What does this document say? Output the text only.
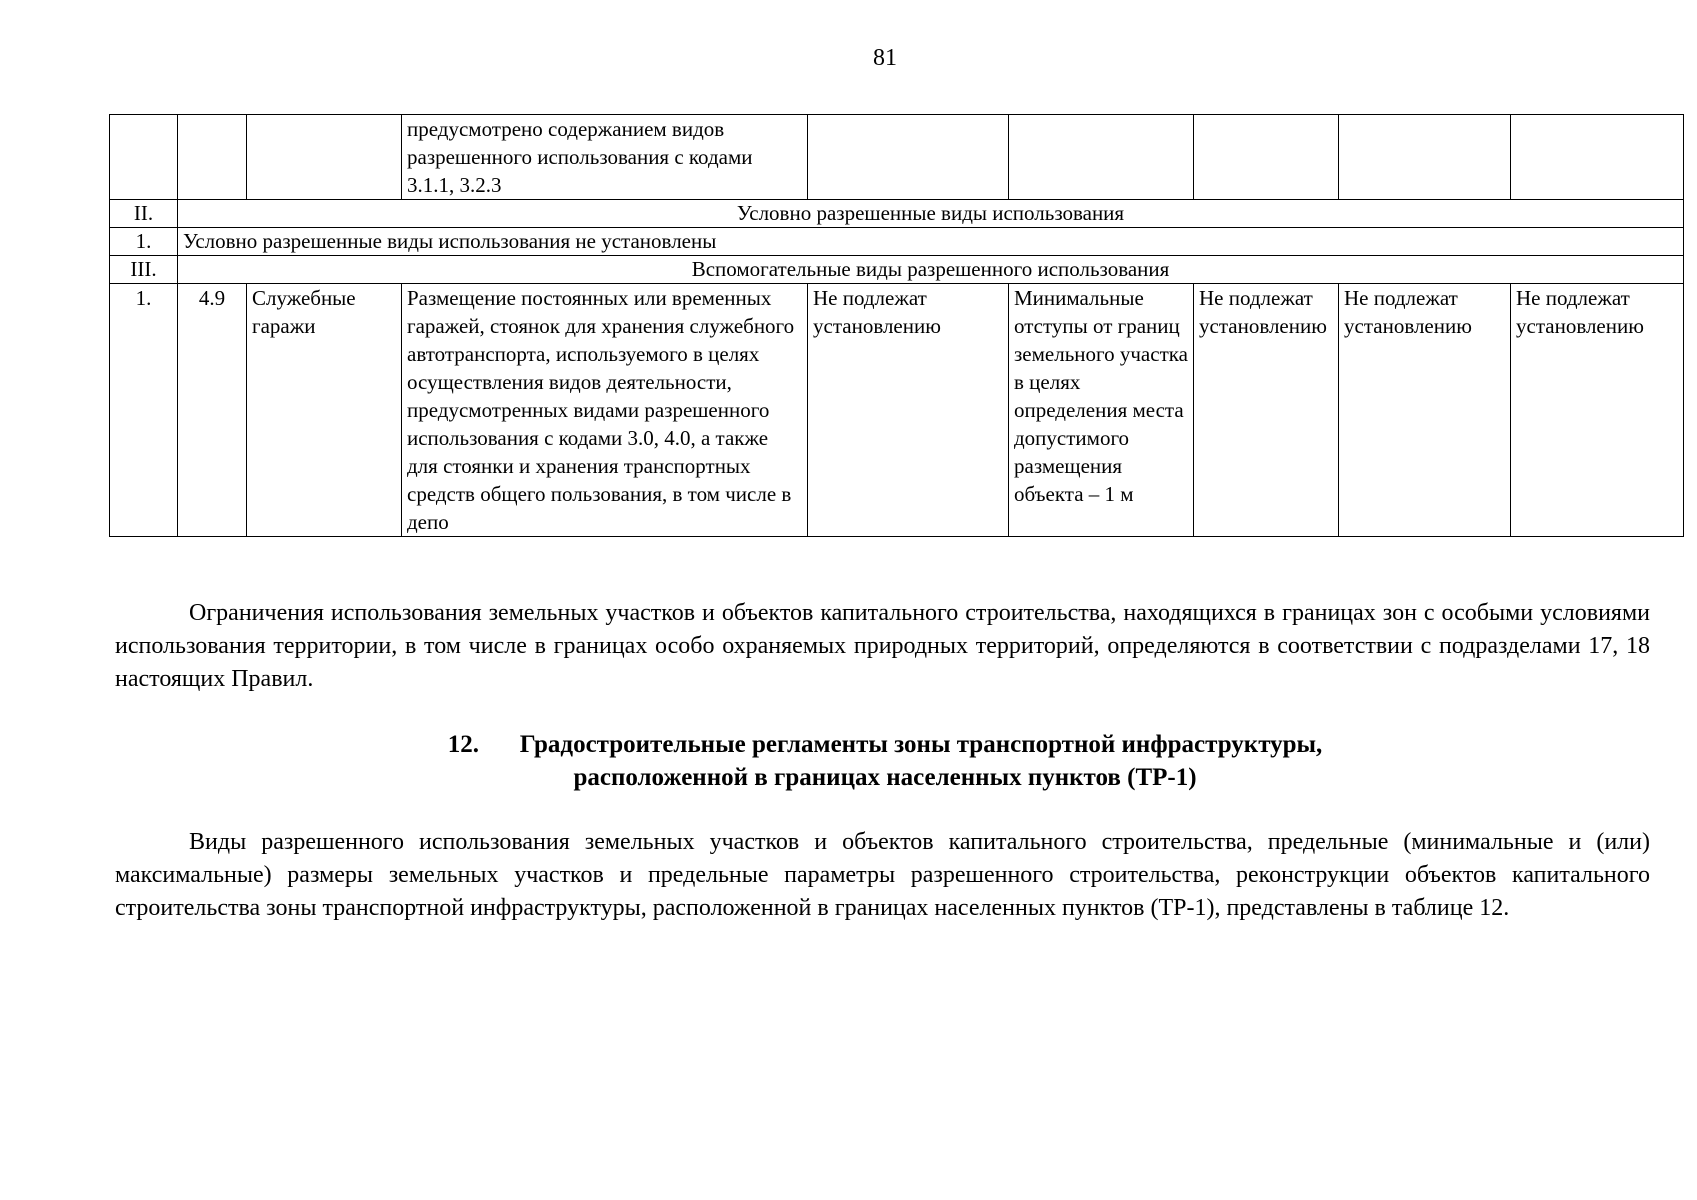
81
			предусмотрено содержанием видов разрешенного использования с кодами 3.1.1, 3.2.3					
II.	Условно разрешенные виды использования							
1.	Условно разрешенные виды использования не установлены							
III.	Вспомогательные виды разрешенного использования							
1.	4.9	Служебные гаражи	Размещение постоянных или временных гаражей, стоянок для хранения служебного автотранспорта, используемого в целях осуществления видов деятельности, предусмотренных видами разрешенного использования с кодами 3.0, 4.0, а также для стоянки и хранения транспортных средств общего пользования, в том числе в депо	Не подлежат установлению	Минимальные отступы от границ земельного участка в целях определения места допустимого размещения объекта – 1 м	Не подлежат установлению	Не подлежат установлению	Не подлежат установлению

Ограничения использования земельных участков и объектов капитального строительства, находящихся в границах зон с особыми условиями использования территории, в том числе в границах особо охраняемых природных территорий, определяются в соответствии с подразделами 17, 18 настоящих Правил.

12. Градостроительные регламенты зоны транспортной инфраструктуры,
расположенной в границах населенных пунктов (ТР-1)

Виды разрешенного использования земельных участков и объектов капитального строительства, предельные (минимальные и (или) максимальные) размеры земельных участков и предельные параметры разрешенного строительства, реконструкции объектов капитального строительства зоны транспортной инфраструктуры, расположенной в границах населенных пунктов (ТР-1), представлены в таблице 12.
